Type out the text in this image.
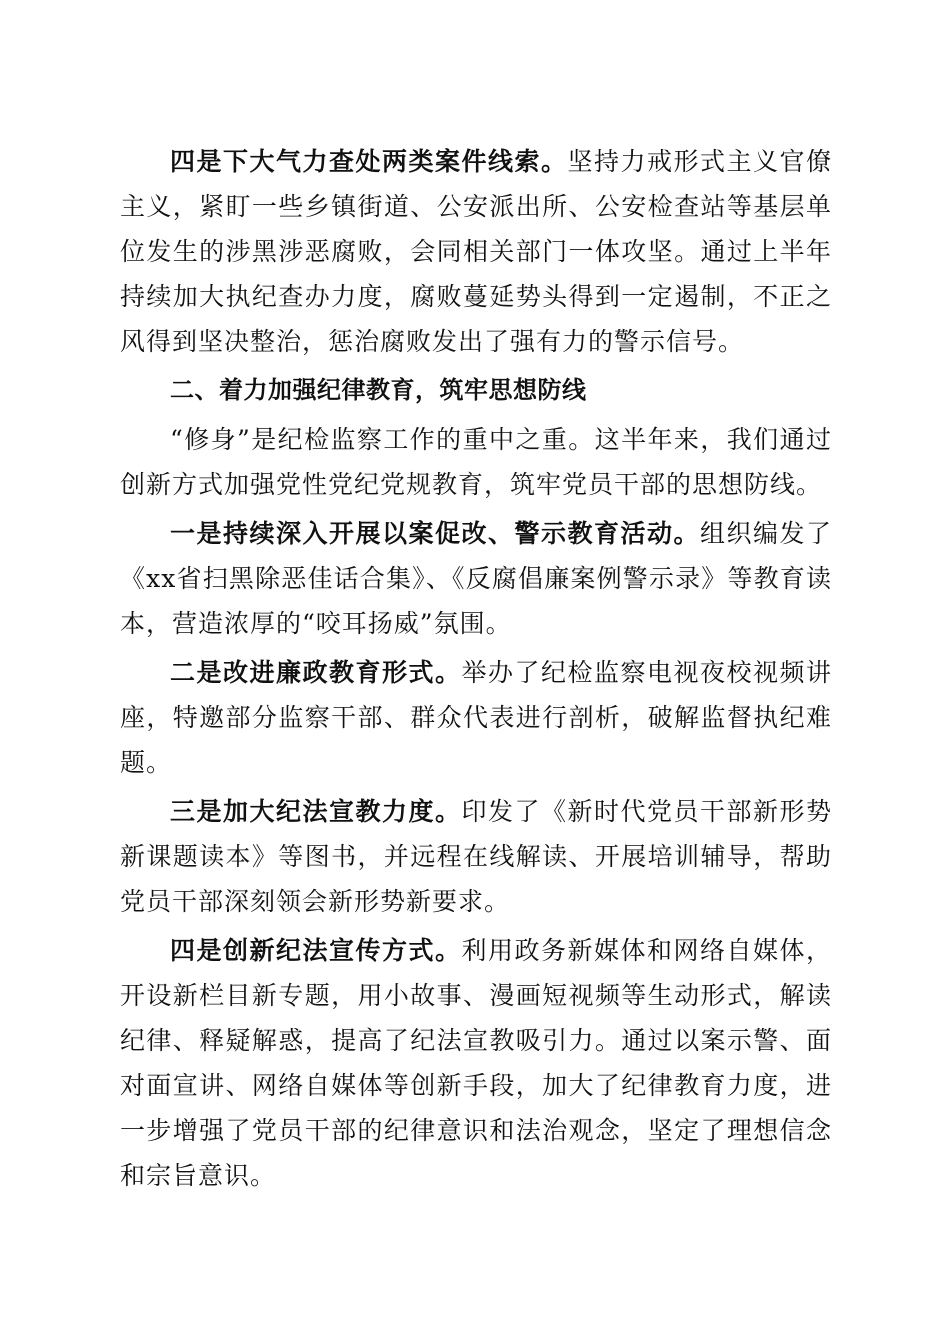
四是下大气力查处两类案件线索。坚持力戒形式主义官僚主义，紧盯一些乡镇街道、公安派出所、公安检查站等基层单位发生的涉黑涉恶腐败，会同相关部门一体攻坚。通过上半年持续加大执纪查办力度，腐败蔓延势头得到一定遏制，不正之风得到坚决整治，惩治腐败发出了强有力的警示信号。

二、着力加强纪律教育，筑牢思想防线

“修身”是纪检监察工作的重中之重。这半年来，我们通过创新方式加强党性党纪党规教育，筑牢党员干部的思想防线。

一是持续深入开展以案促改、警示教育活动。组织编发了《xx省扫黑除恶佳话合集》、《反腐倡廉案例警示录》等教育读本，营造浓厚的“咬耳扬威”氛围。

二是改进廉政教育形式。举办了纪检监察电视夜校视频讲座，特邀部分监察干部、群众代表进行剖析，破解监督执纪难题。

三是加大纪法宣教力度。印发了《新时代党员干部新形势新课题读本》等图书，并远程在线解读、开展培训辅导，帮助党员干部深刻领会新形势新要求。

四是创新纪法宣传方式。利用政务新媒体和网络自媒体，开设新栏目新专题，用小故事、漫画短视频等生动形式，解读纪律、释疑解惑，提高了纪法宣教吸引力。通过以案示警、面对面宣讲、网络自媒体等创新手段，加大了纪律教育力度，进一步增强了党员干部的纪律意识和法治观念，坚定了理想信念和宗旨意识。
